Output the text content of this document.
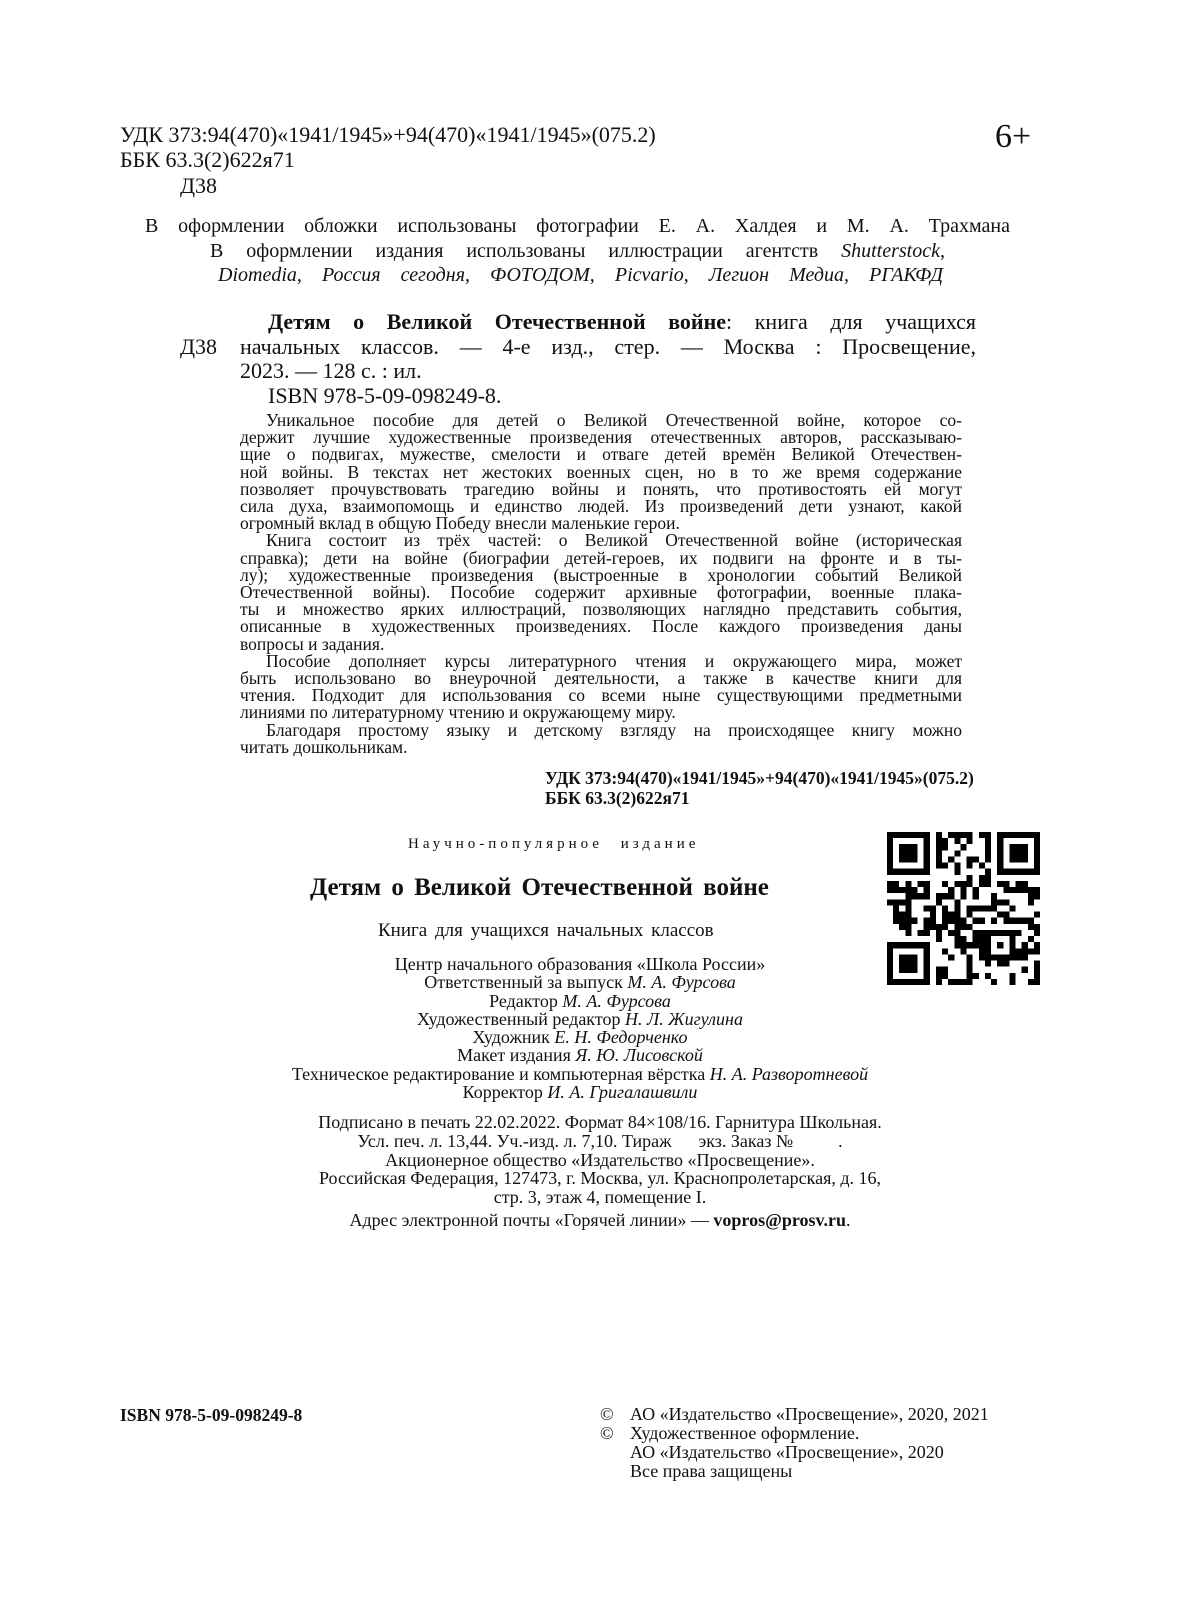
УДК 373:94(470)«1941/1945»+94(470)«1941/1945»(075.2)
ББК 63.3(2)622я71
Д38
6+
В оформлении обложки использованы фотографии Е. А. Халдея и М. А. Трахмана
В оформлении издания использованы иллюстрации агентств Shutterstock,
Diomedia, Россия сегодня, ФОТОДОМ, Picvario, Легион Медиа, РГАКФД
Д38
Детям о Великой Отечественной войне: книга для учащихся
начальных классов. — 4-е изд., стер. — Москва : Просвещение,
2023. — 128 с. : ил.
ISBN 978-5-09-098249-8.
Уникальное пособие для детей о Великой Отечественной войне, которое со-
держит лучшие художественные произведения отечественных авторов, рассказываю-
щие о подвигах, мужестве, смелости и отваге детей времён Великой Отечествен-
ной войны. В текстах нет жестоких военных сцен, но в то же время содержание
позволяет прочувствовать трагедию войны и понять, что противостоять ей могут
сила духа, взаимопомощь и единство людей. Из произведений дети узнают, какой
огромный вклад в общую Победу внесли маленькие герои.
Книга состоит из трёх частей: о Великой Отечественной войне (историческая
справка); дети на войне (биографии детей-героев, их подвиги на фронте и в ты-
лу); художественные произведения (выстроенные в хронологии событий Великой
Отечественной войны). Пособие содержит архивные фотографии, военные плака-
ты и множество ярких иллюстраций, позволяющих наглядно представить события,
описанные в художественных произведениях. После каждого произведения даны
вопросы и задания.
Пособие дополняет курсы литературного чтения и окружающего мира, может
быть использовано во внеурочной деятельности, а также в качестве книги для
чтения. Подходит для использования со всеми ныне существующими предметными
линиями по литературному чтению и окружающему миру.
Благодаря простому языку и детскому взгляду на происходящее книгу можно
читать дошкольникам.
УДК 373:94(470)«1941/1945»+94(470)«1941/1945»(075.2)
ББК 63.3(2)622я71
Научно-популярное издание
Детям о Великой Отечественной войне
Книга для учащихся начальных классов
Центр начального образования «Школа России»
Ответственный за выпуск М. А. Фурсова
Редактор М. А. Фурсова
Художественный редактор Н. Л. Жигулина
Художник Е. Н. Федорченко
Макет издания Я. Ю. Лисовской
Техническое редактирование и компьютерная вёрстка Н. А. Разворотневой
Корректор И. А. Григалашвили
Подписано в печать 22.02.2022. Формат 84×108/16. Гарнитура Школьная.
Усл. печ. л. 13,44. Уч.-изд. л. 7,10. Тираж      экз. Заказ №          .
Акционерное общество «Издательство «Просвещение».
Российская Федерация, 127473, г. Москва, ул. Краснопролетарская, д. 16,
стр. 3, этаж 4, помещение I.
Адрес электронной почты «Горячей линии» — vopros@prosv.ru.
ISBN 978-5-09-098249-8	© АО «Издательство «Просвещение», 2020, 2021
© Художественное оформление.
АО «Издательство «Просвещение», 2020
Все права защищены
